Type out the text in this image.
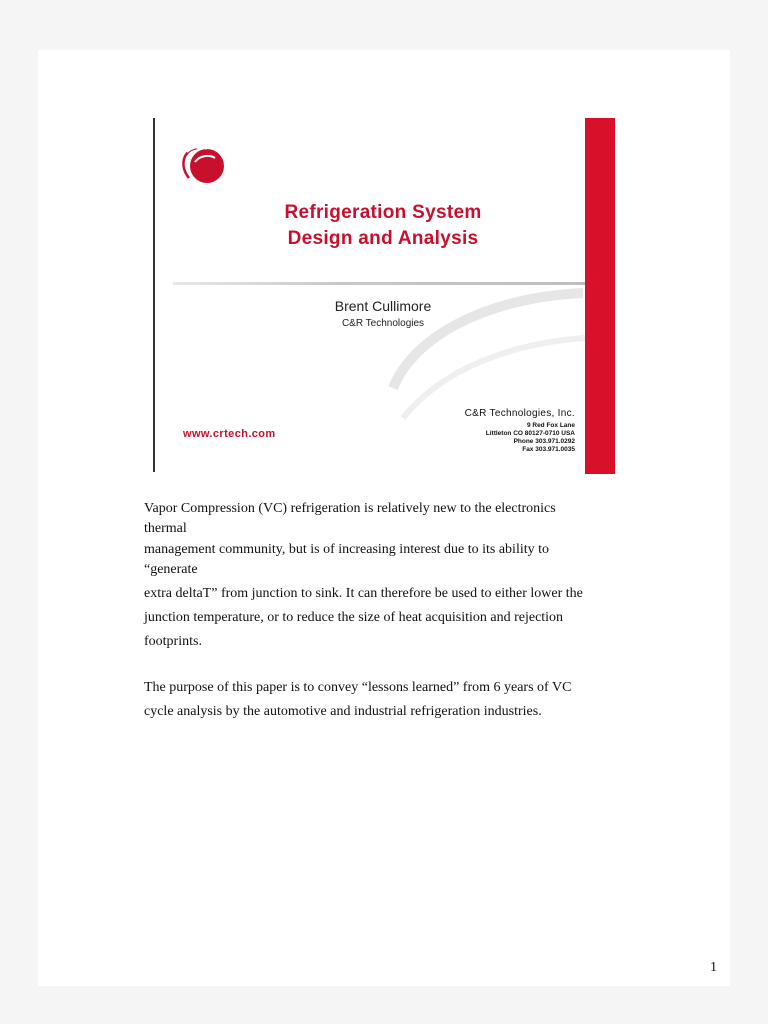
Refrigeration System
Design and Analysis
Brent Cullimore
C&R Technologies
www.crtech.com
C&R Technologies, Inc.
9 Red Fox Lane
Littleton CO 80127-0710 USA
Phone 303.971.0292
Fax 303.971.0035
Vapor Compression (VC) refrigeration is relatively new to the electronics
thermal
management community, but is of increasing interest due to its ability to
“generate
extra deltaT” from junction to sink. It can therefore be used to either lower the
junction temperature, or to reduce the size of heat acquisition and rejection
footprints.
The purpose of this paper is to convey “lessons learned” from 6 years of VC
cycle analysis by the automotive and industrial refrigeration industries.
1
